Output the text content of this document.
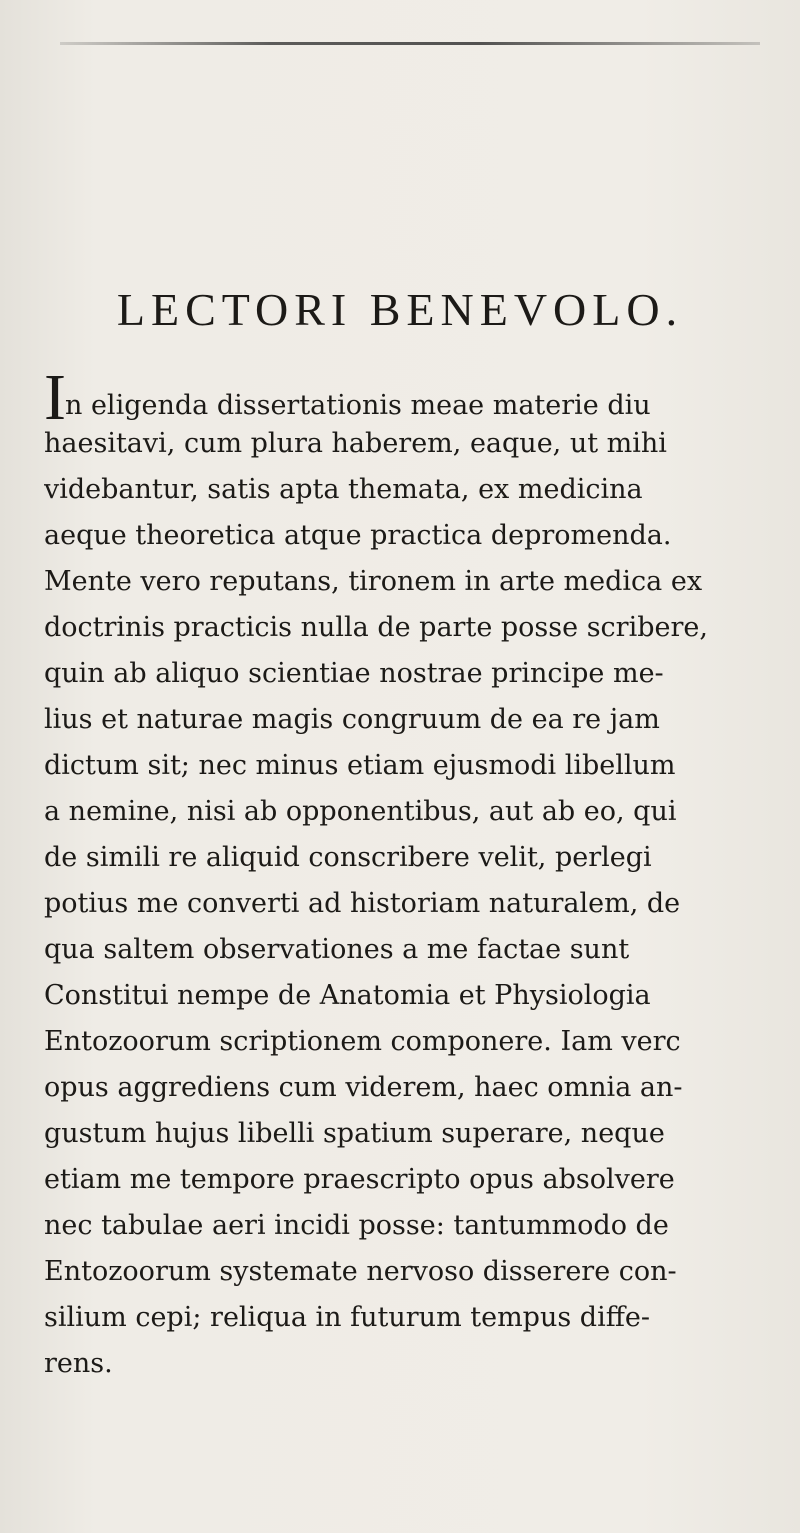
LECTORI BENEVOLO.
In eligenda dissertationis meae materie diu
haesitavi, cum plura haberem, eaque, ut mihi
videbantur, satis apta themata, ex medicina
aeque theoretica atque practica depromenda.
Mente vero reputans, tironem in arte medica ex
doctrinis practicis nulla de parte posse scribere,
quin ab aliquo scientiae nostrae principe me-
lius et naturae magis congruum de ea re jam
dictum sit; nec minus etiam ejusmodi libellum
a nemine, nisi ab opponentibus, aut ab eo, qui
de simili re aliquid conscribere velit, perlegi
potius me converti ad historiam naturalem, de
qua saltem observationes a me factae sunt
Constitui nempe de Anatomia et Physiologia
Entozoorum scriptionem componere. Iam verc
opus aggrediens cum viderem, haec omnia an-
gustum hujus libelli spatium superare, neque
etiam me tempore praescripto opus absolvere
nec tabulae aeri incidi posse: tantummodo de
Entozoorum systemate nervoso disserere con-
silium cepi; reliqua in futurum tempus diffe-
rens.
